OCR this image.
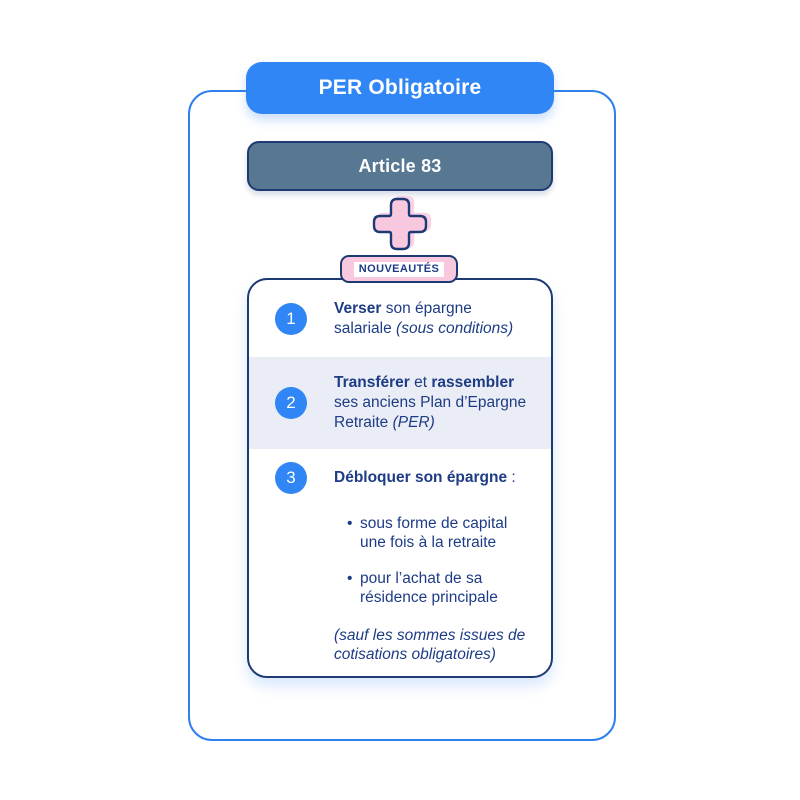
PER Obligatoire
Article 83
NOUVEAUTÉS
1
Verser son épargne salariale (sous conditions)
2
Transférer et rassembler ses anciens Plan d’Epargne Retraite (PER)
3	Débloquer son épargne :
• sous forme de capital une fois à la retraite
• pour l’achat de sa résidence principale
(sauf les sommes issues de cotisations obligatoires)
